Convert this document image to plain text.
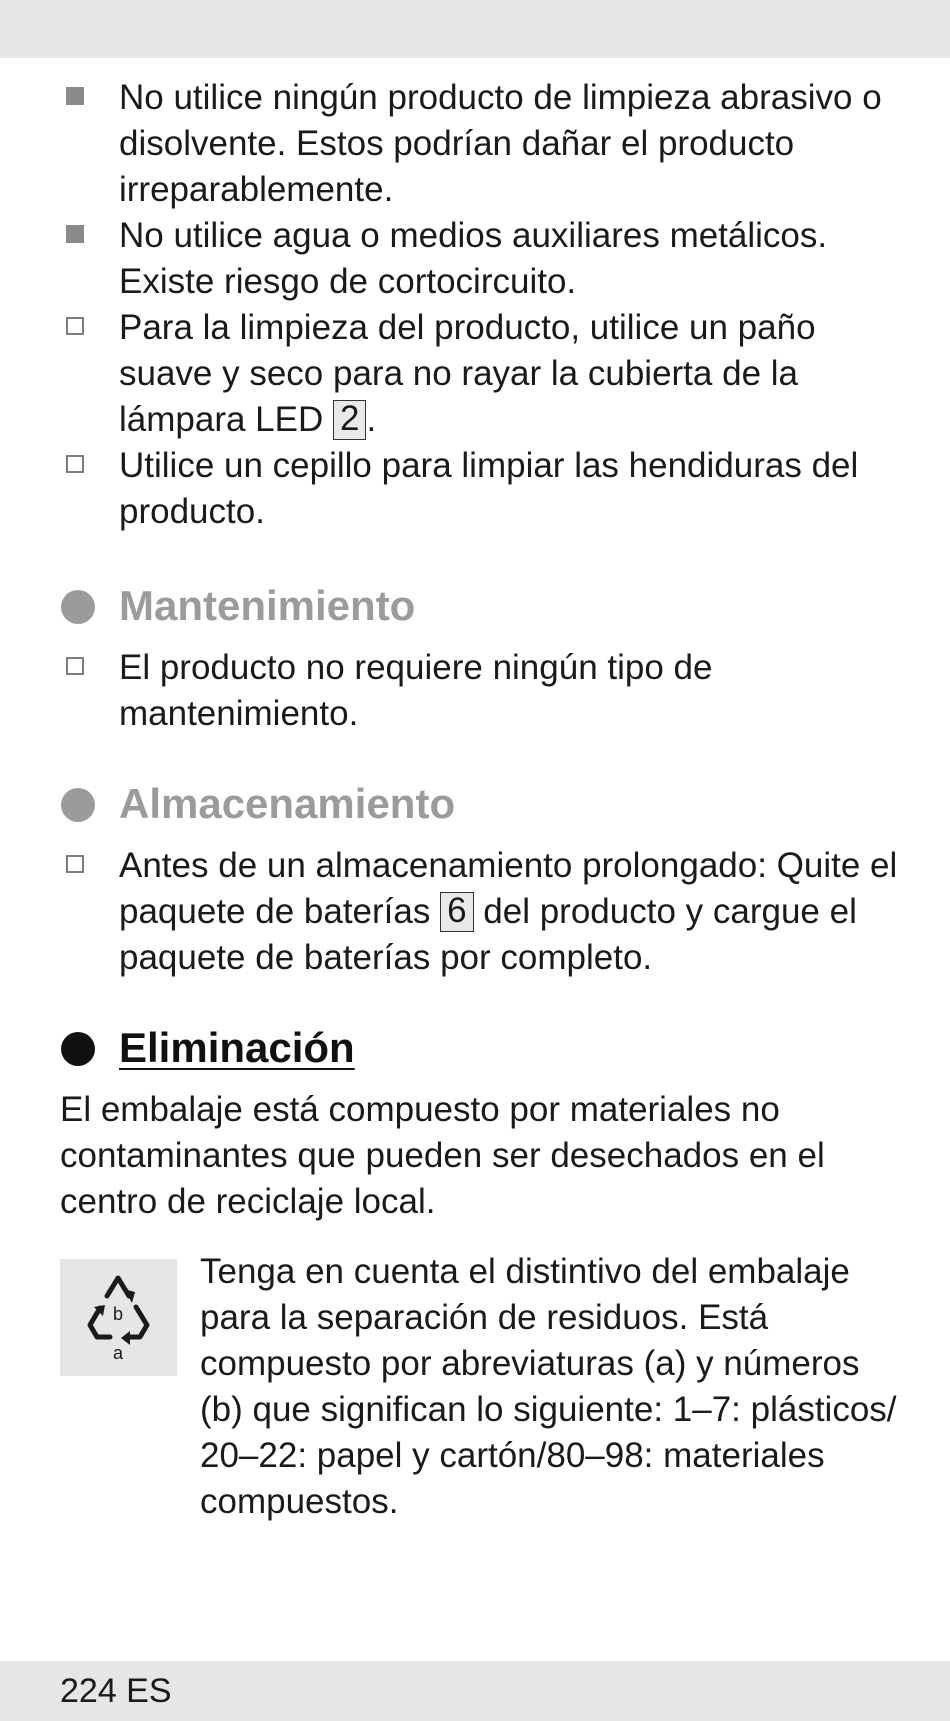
No utilice ningún producto de limpieza abrasivo o disolvente. Estos podrían dañar el producto irreparablemente.
No utilice agua o medios auxiliares metálicos. Existe riesgo de cortocircuito.
Para la limpieza del producto, utilice un paño suave y seco para no rayar la cubierta de la lámpara LED 2 .
Utilice un cepillo para limpiar las hendiduras del producto.
Mantenimiento
El producto no requiere ningún tipo de mantenimiento.
Almacenamiento
Antes de un almacenamiento prolongado: Quite el paquete de baterías 6 del producto y cargue el paquete de baterías por completo.
Eliminación
El embalaje está compuesto por materiales no contaminantes que pueden ser desechados en el centro de reciclaje local.
b
a
Tenga en cuenta el distintivo del embalaje para la separación de residuos. Está compuesto por abreviaturas (a) y números (b) que significan lo siguiente: 1–7: plásticos/ 20–22: papel y cartón/80–98: materiales compuestos.
224 ES
